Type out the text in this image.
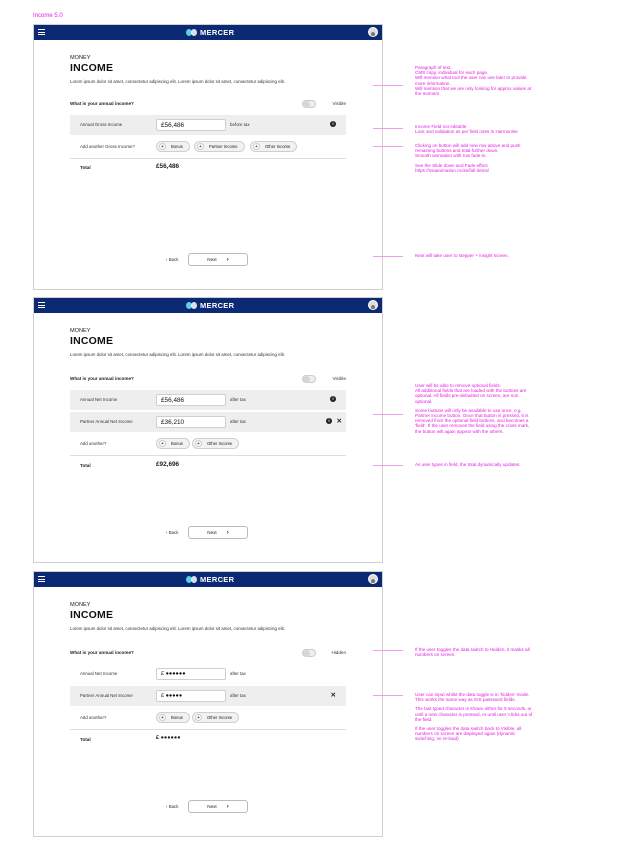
Income 5.0
MERCER
MONEY
INCOME
Lorem ipsum dolor sit amet, consectetur adipiscing elit. Lorem ipsum dolor sit amet, consectetur adipiscing elit.
What is your annual income?	Visible
Annual Gross Income	£56,486	before tax	i
Add another Gross Income?	+	Bonus	+	Partner Income	+	Other Income
Total	£56,486
‹ Back	Next ›
MERCER
MONEY
INCOME
Lorem ipsum dolor sit amet, consectetur adipiscing elit. Lorem ipsum dolor sit amet, consectetur adipiscing elit.
What is your annual income?	Visible
Annual Net Income	£56,486	after tax	i
Partner Annual Net Income	£36,210	after tax	i	✕
Add another?	+	Bonus	+	Other Income
Total	£92,696
‹ Back	Next ›
MERCER
MONEY
INCOME
Lorem ipsum dolor sit amet, consectetur adipiscing elit. Lorem ipsum dolor sit amet, consectetur adipiscing elit.
What is your annual income?	Hidden
Annual Net Income	£ ●●●●●●	after tax
Partner Annual Net Income	£ ●●●●●	after tax	✕
Add another?	+	Bonus	+	Other Income
Total	£ ●●●●●●
‹ Back	Next ›

Paragraph of text.
CMS copy, individual for each page.
Will mention what tool the user can use later to provide more information.
Will mention that we are only looking for approx values at the moment

Income Field not editable.
Lock and validation as per field rules in Harmonise

Clicking on button will add new row above and push remaining buttons and total further down.
Smooth animation with row fade-in.

See the Slide down and Fade effect
https://ssaanimation.rocks/fall-items/

Next will take user to stepper + insight screen.

User will be able to remove optional fields.
All additional fields that are loaded with the buttons are optional. All fields pre-defaulted on screen, are non optional.

Some buttons will only be available to use once, e.g. Partner income button. Once that button is pressed, it is removed from the optional field buttons, and becomes a 'field'. If the user removes the field using the cross mark, the button will again appear with the others.

As user types in field, the total dynamically updates.

If the user toggles the data switch to Hidden, it masks all numbers on screen.

User can input whilst the data toggle is in 'hidden' mode. This works the same way as iOS password fields.

The last typed character is shown either for 5 seconds, or until a new character is pressed, or until user 'clicks out of the field.

If the user toggles the data switch back to Visible, all numbers on screen are displayed again (dynamic switching, no re-load)
